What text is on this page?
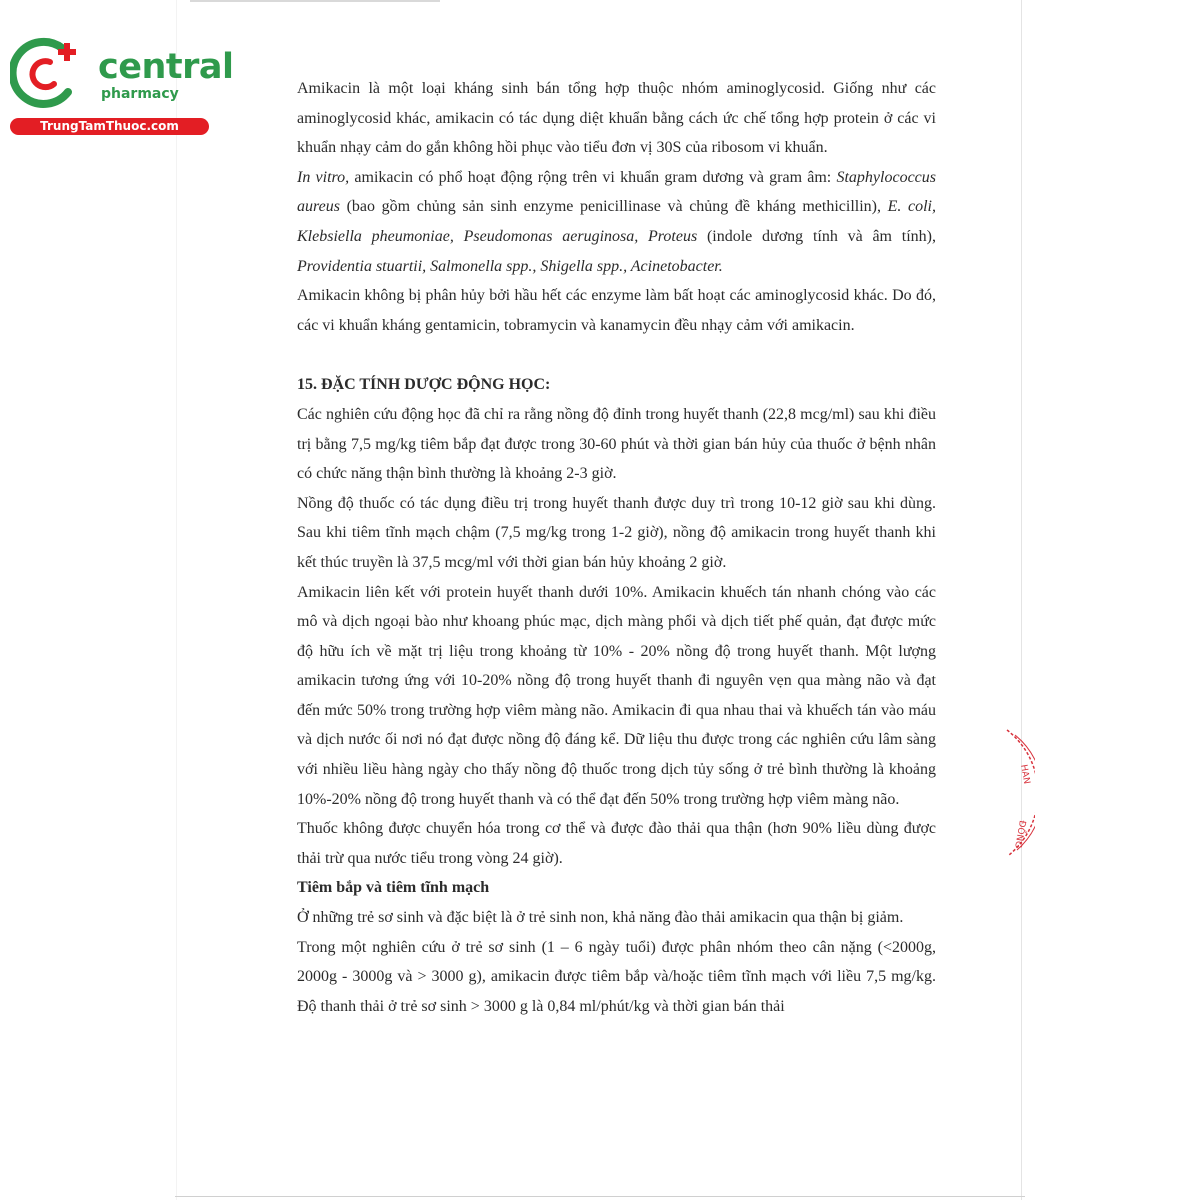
central
pharmacy
TrungTamThuoc.com

Amikacin là một loại kháng sinh bán tổng hợp thuộc nhóm aminoglycosid. Giống như các aminoglycosid khác, amikacin có tác dụng diệt khuẩn bằng cách ức chế tổng hợp protein ở các vi khuẩn nhạy cảm do gắn không hồi phục vào tiểu đơn vị 30S của ribosom vi khuẩn.

In vitro, amikacin có phổ hoạt động rộng trên vi khuẩn gram dương và gram âm: Staphylococcus aureus (bao gồm chủng sản sinh enzyme penicillinase và chủng đề kháng methicillin), E. coli, Klebsiella pheumoniae, Pseudomonas aeruginosa, Proteus (indole dương tính và âm tính), Providentia stuartii, Salmonella spp., Shigella spp., Acinetobacter.

Amikacin không bị phân hủy bởi hầu hết các enzyme làm bất hoạt các aminoglycosid khác. Do đó, các vi khuẩn kháng gentamicin, tobramycin và kanamycin đều nhạy cảm với amikacin.

15. ĐẶC TÍNH DƯỢC ĐỘNG HỌC:

Các nghiên cứu động học đã chỉ ra rằng nồng độ đỉnh trong huyết thanh (22,8 mcg/ml) sau khi điều trị bằng 7,5 mg/kg tiêm bắp đạt được trong 30-60 phút và thời gian bán hủy của thuốc ở bệnh nhân có chức năng thận bình thường là khoảng 2-3 giờ.

Nồng độ thuốc có tác dụng điều trị trong huyết thanh được duy trì trong 10-12 giờ sau khi dùng. Sau khi tiêm tĩnh mạch chậm (7,5 mg/kg trong 1-2 giờ), nồng độ amikacin trong huyết thanh khi kết thúc truyền là 37,5 mcg/ml với thời gian bán hủy khoảng 2 giờ.

Amikacin liên kết với protein huyết thanh dưới 10%. Amikacin khuếch tán nhanh chóng vào các mô và dịch ngoại bào như khoang phúc mạc, dịch màng phổi và dịch tiết phế quản, đạt được mức độ hữu ích về mặt trị liệu trong khoảng từ 10% - 20% nồng độ trong huyết thanh. Một lượng amikacin tương ứng với 10-20% nồng độ trong huyết thanh đi nguyên vẹn qua màng não và đạt đến mức 50% trong trường hợp viêm màng não. Amikacin đi qua nhau thai và khuếch tán vào máu và dịch nước ối nơi nó đạt được nồng độ đáng kể. Dữ liệu thu được trong các nghiên cứu lâm sàng với nhiều liều hàng ngày cho thấy nồng độ thuốc trong dịch tủy sống ở trẻ bình thường là khoảng 10%-20% nồng độ trong huyết thanh và có thể đạt đến 50% trong trường hợp viêm màng não.

Thuốc không được chuyển hóa trong cơ thể và được đào thải qua thận (hơn 90% liều dùng được thải trừ qua nước tiểu trong vòng 24 giờ).

Tiêm bắp và tiêm tĩnh mạch

Ở những trẻ sơ sinh và đặc biệt là ở trẻ sinh non, khả năng đào thải amikacin qua thận bị giảm.

Trong một nghiên cứu ở trẻ sơ sinh (1 – 6 ngày tuổi) được phân nhóm theo cân nặng (<2000g, 2000g - 3000g và > 3000 g), amikacin được tiêm bắp và/hoặc tiêm tĩnh mạch với liều 7,5 mg/kg. Độ thanh thải ở trẻ sơ sinh > 3000 g là 0,84 ml/phút/kg và thời gian bán thải

HAN
ĐỒNG
